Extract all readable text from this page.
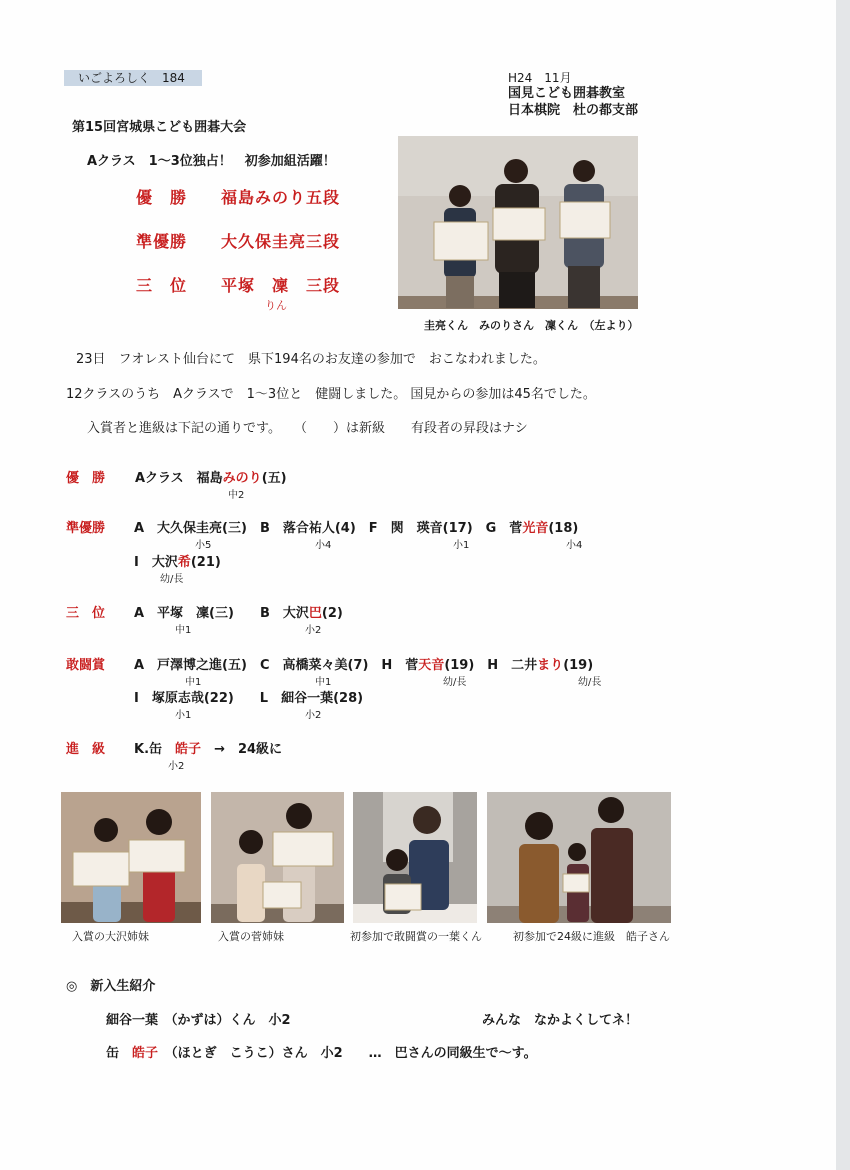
いごよろしく　184	H24　11月
国見こども囲碁教室
日本棋院　杜の都支部
第15回宮城県こども囲碁大会
Aクラス　1～3位独占！　初参加組活躍！
優　勝　　福島みのり五段
準優勝　　大久保圭亮三段
三　位　　平塚　凜　三段
りん
圭亮くん　みのりさん　凜くん　（左より）
23日　フオレスト仙台にて　県下194名のお友達の参加で　おこなわれました。
12クラスのうち　Aクラスで　1～3位と　健闘しました。 国見からの参加は45名でした。
入賞者と進級は下記の通りです。　　（　　）は新級　　有段者の昇段はナシ
優　勝 Aクラス　福島みのり(五)
中2
準優勝 A　大久保圭亮(三)　B　落合祐人(4)　F　関　瑛音(17)　G　菅光音(18)
小5	小4	小1	小4
I　大沢希(21)
幼/長
三　位 A　平塚　凜(三)　　B　大沢巴(2)
中1	小2
敢闘賞 A　戸澤博之進(五)　C　高橋菜々美(7)　H　菅天音(19)　H　二井まり(19)
中1	中1	幼/長	幼/長
I　塚原志哉(22)　　L　細谷一葉(28)
小1	小2
進　級 K.缶　 皓子　 →　24級に
小2
入賞の大沢姉妹	入賞の菅姉妹	初参加で敢闘賞の一葉くん	初参加で24級に進級　皓子さん
◎　新入生紹介
細谷一葉　（かずは）くん　小2	みんな　なかよくしてネ！
缶　 皓子　 （ほとぎ　こうこ）さん　小2　　…　巴さんの同級生で～す。
